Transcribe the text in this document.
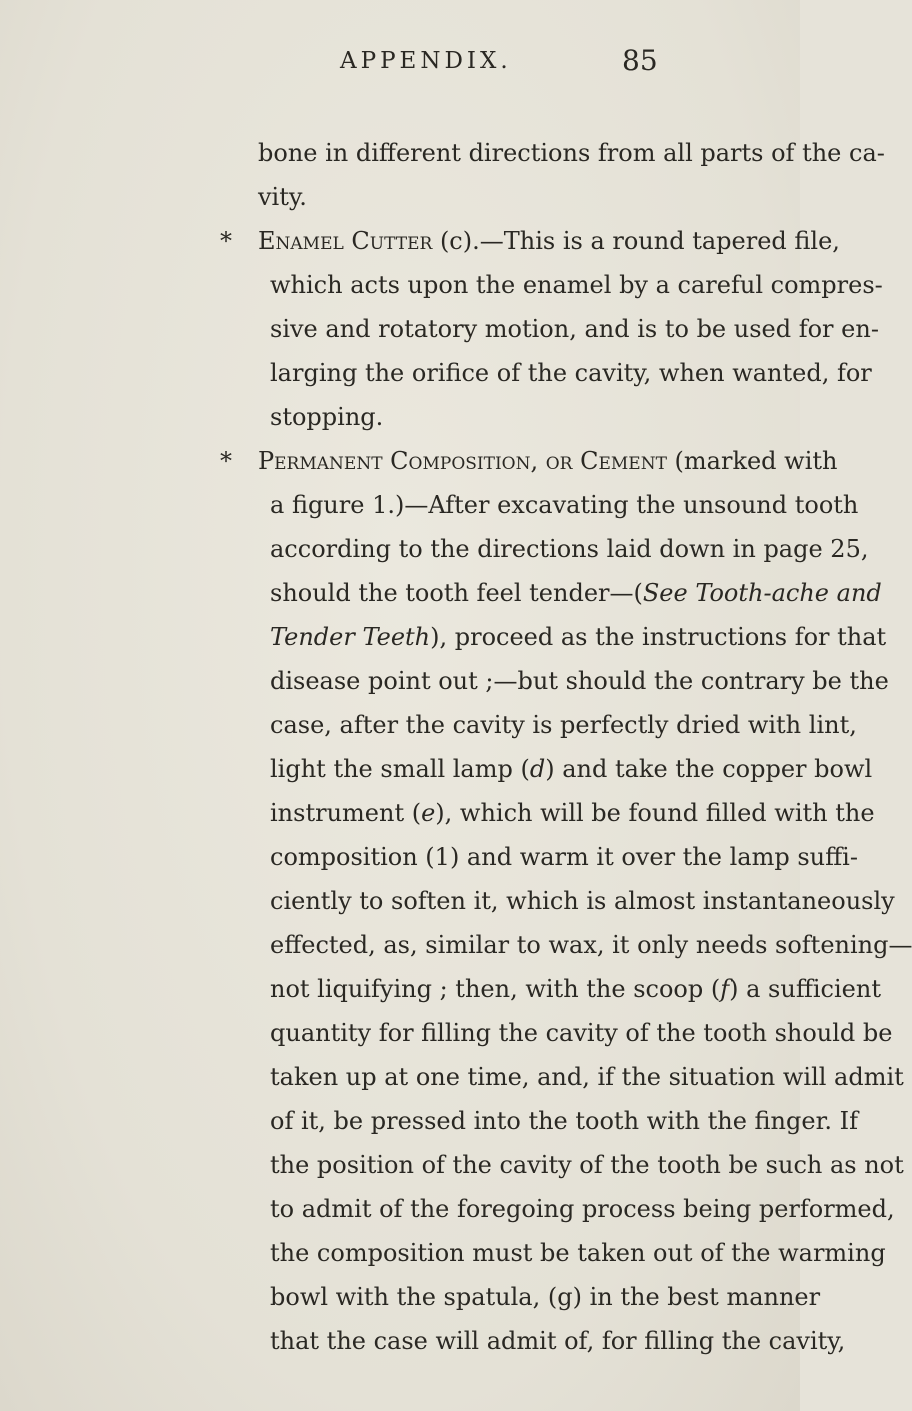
APPENDIX.	85
bone in different directions from all parts of the ca-
vity.
* Enamel Cutter (c).—This is a round tapered file,
which acts upon the enamel by a careful compres-
sive and rotatory motion, and is to be used for en-
larging the orifice of the cavity, when wanted, for
stopping.
* Permanent Composition, or Cement (marked with
a figure 1.)—After excavating the unsound tooth
according to the directions laid down in page 25,
should the tooth feel tender—( See Tooth-ache and
Tender Teeth ), proceed as the instructions for that
disease point out ;—but should the contrary be the
case, after the cavity is perfectly dried with lint,
light the small lamp ( d ) and take the copper bowl
instrument ( e ), which will be found filled with the
composition (1) and warm it over the lamp suffi-
ciently to soften it, which is almost instantaneously
effected, as, similar to wax, it only needs softening—
not liquifying ; then, with the scoop ( f ) a sufficient
quantity for filling the cavity of the tooth should be
taken up at one time, and, if the situation will admit
of it, be pressed into the tooth with the finger. If
the position of the cavity of the tooth be such as not
to admit of the foregoing process being performed,
the composition must be taken out of the warming
bowl with the spatula, (g) in the best manner
that the case will admit of, for filling the cavity,
